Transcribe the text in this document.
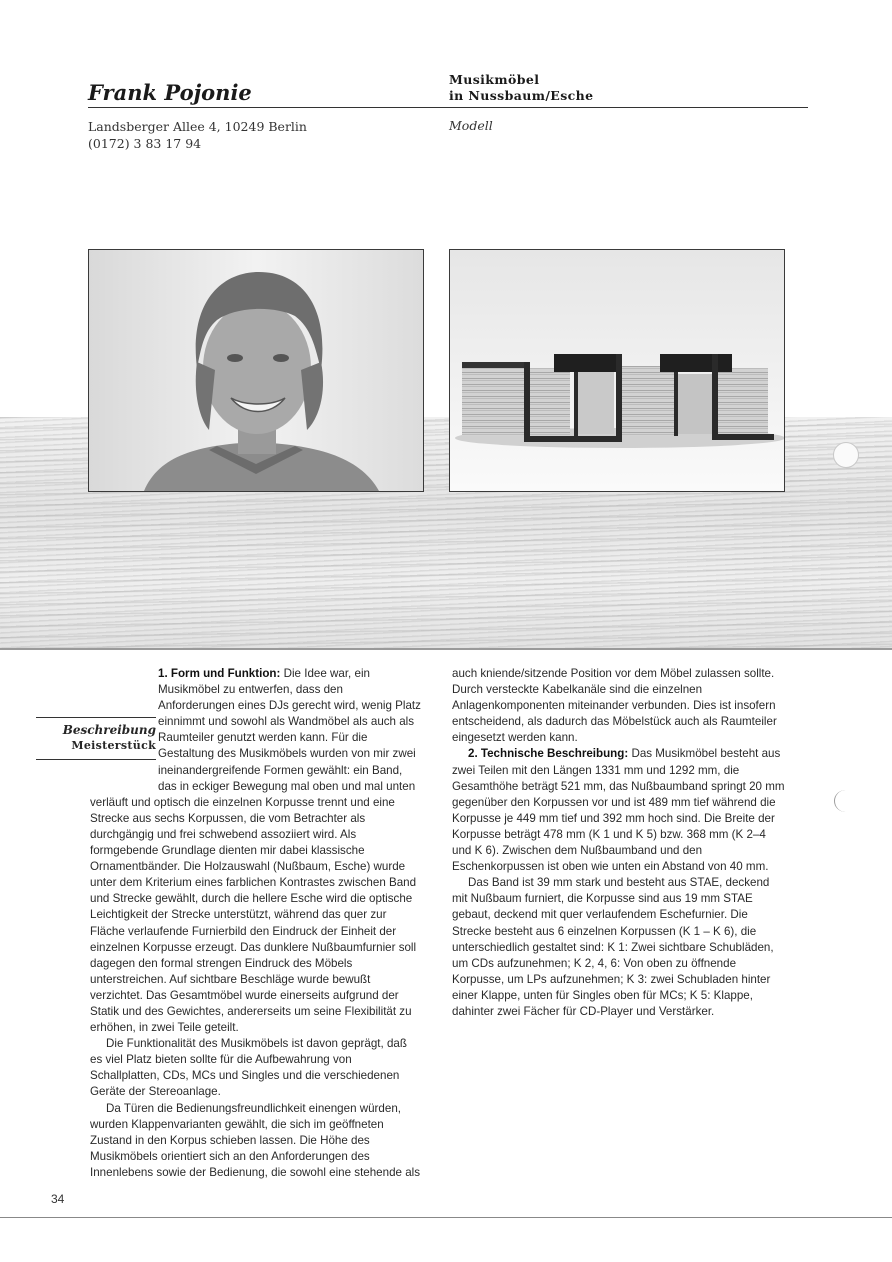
Frank Pojonie
Landsberger Allee 4, 10249 Berlin
(0172) 3 83 17 94
Musikmöbel
in Nussbaum/Esche
Modell
Beschreibung
Meisterstück

1. Form und Funktion: Die Idee war, ein Musikmöbel zu entwerfen, dass den Anforderungen eines DJs gerecht wird, wenig Platz einnimmt und sowohl als Wandmöbel als auch als Raumteiler genutzt werden kann. Für die Gestaltung des Musikmöbels wurden von mir zwei ineinandergreifende Formen gewählt: ein Band, das in eckiger Bewegung mal oben und mal unten verläuft und optisch die einzelnen Korpusse trennt und eine Strecke aus sechs Korpussen, die vom Betrachter als durchgängig und frei schwebend assoziiert wird. Als formgebende Grundlage dienten mir dabei klassische Ornamentbänder. Die Holzauswahl (Nußbaum, Esche) wurde unter dem Kriterium eines farblichen Kontrastes zwischen Band und Strecke gewählt, durch die hellere Esche wird die optische Leichtigkeit der Strecke unterstützt, während das quer zur Fläche verlaufende Furnierbild den Eindruck der Einheit der einzelnen Korpusse erzeugt. Das dunklere Nußbaumfurnier soll dagegen den formal strengen Eindruck des Möbels unterstreichen. Auf sichtbare Beschläge wurde bewußt verzichtet. Das Gesamtmöbel wurde einerseits aufgrund der Statik und des Gewichtes, andererseits um seine Flexibilität zu erhöhen, in zwei Teile geteilt.

Die Funktionalität des Musikmöbels ist davon geprägt, daß es viel Platz bieten sollte für die Aufbewahrung von Schallplatten, CDs, MCs und Singles und die verschiedenen Geräte der Stereoanlage.

Da Türen die Bedienungsfreundlichkeit einengen würden, wurden Klappenvarianten gewählt, die sich im geöffneten Zustand in den Korpus schieben lassen. Die Höhe des Musikmöbels orientiert sich an den Anforderungen des Innenlebens sowie der Bedienung, die sowohl eine stehende als

auch kniende/sitzende Position vor dem Möbel zulassen sollte. Durch versteckte Kabelkanäle sind die einzelnen Anlagenkomponenten miteinander verbunden. Dies ist insofern entscheidend, als dadurch das Möbelstück auch als Raumteiler eingesetzt werden kann.

2. Technische Beschreibung: Das Musikmöbel besteht aus zwei Teilen mit den Längen 1331 mm und 1292 mm, die Gesamthöhe beträgt 521 mm, das Nußbaumband springt 20 mm gegenüber den Korpussen vor und ist 489 mm tief während die Korpusse je 449 mm tief und 392 mm hoch sind. Die Breite der Korpusse beträgt 478 mm (K 1 und K 5) bzw. 368 mm (K 2–4 und K 6). Zwischen dem Nußbaumband und den Eschenkorpussen ist oben wie unten ein Abstand von 40 mm.

Das Band ist 39 mm stark und besteht aus STAE, deckend mit Nußbaum furniert, die Korpusse sind aus 19 mm STAE gebaut, deckend mit quer verlaufendem Eschefurnier. Die Strecke besteht aus 6 einzelnen Korpussen (K 1 – K 6), die unterschiedlich gestaltet sind: K 1: Zwei sichtbare Schubläden, um CDs aufzunehmen; K 2, 4, 6: Von oben zu öffnende Korpusse, um LPs aufzunehmen; K 3: zwei Schubladen hinter einer Klappe, unten für Singles oben für MCs; K 5: Klappe, dahinter zwei Fächer für CD-Player und Verstärker.

34
